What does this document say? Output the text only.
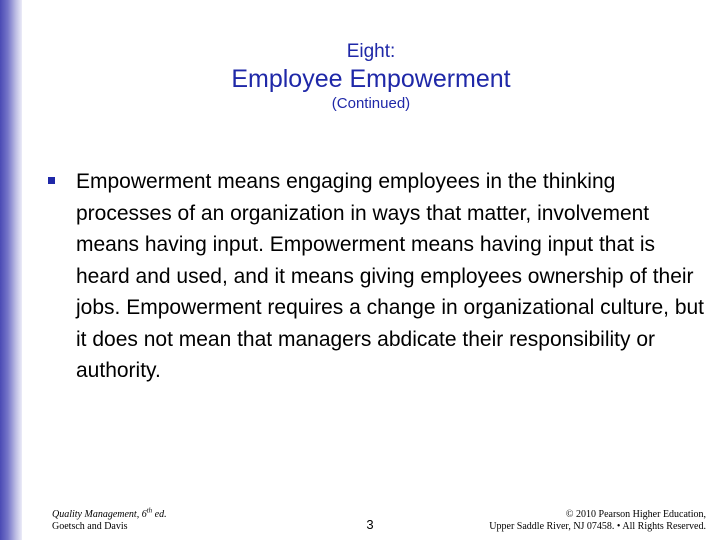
Eight:
Employee Empowerment
(Continued)
Empowerment means engaging employees in the thinking processes of an organization in ways that matter, involvement means having input. Empowerment means having input that is heard and used, and it means giving employees ownership of their jobs. Empowerment requires a change in organizational culture, but it does not mean that managers abdicate their responsibility or authority.
Quality Management, 6th ed.
Goetsch and Davis	3
© 2010 Pearson Higher Education,
Upper Saddle River, NJ 07458. • All Rights Reserved.
